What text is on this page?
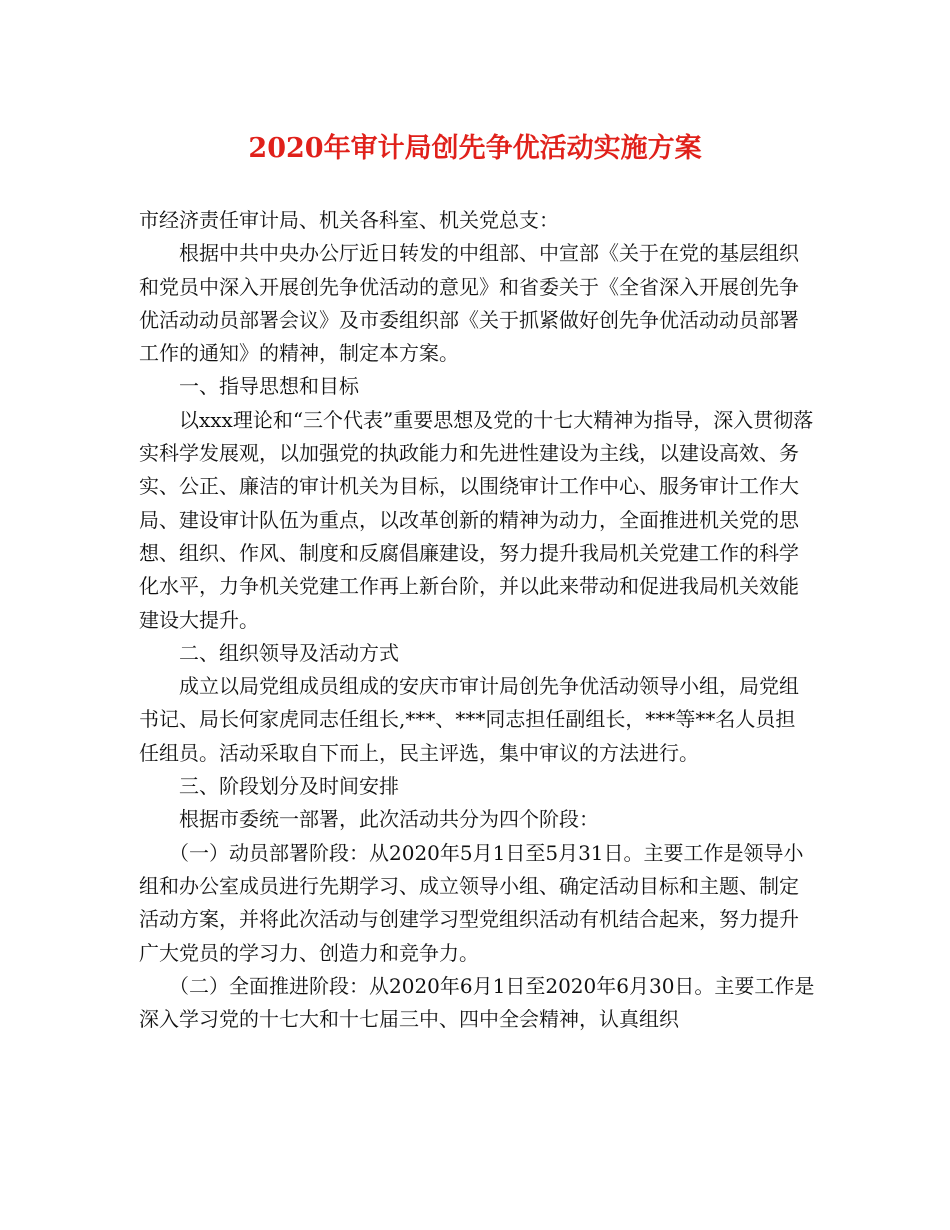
2020年审计局创先争优活动实施方案

市经济责任审计局、机关各科室、机关党总支：

根据中共中央办公厅近日转发的中组部、中宣部《关于在党的基层组织和党员中深入开展创先争优活动的意见》和省委关于《全省深入开展创先争优活动动员部署会议》及市委组织部《关于抓紧做好创先争优活动动员部署工作的通知》的精神，制定本方案。

一、指导思想和目标

以xxx理论和“三个代表”重要思想及党的十七大精神为指导，深入贯彻落实科学发展观，以加强党的执政能力和先进性建设为主线，以建设高效、务实、公正、廉洁的审计机关为目标，以围绕审计工作中心、服务审计工作大局、建设审计队伍为重点，以改革创新的精神为动力，全面推进机关党的思想、组织、作风、制度和反腐倡廉建设，努力提升我局机关党建工作的科学化水平，力争机关党建工作再上新台阶，并以此来带动和促进我局机关效能建设大提升。

二、组织领导及活动方式

成立以局党组成员组成的安庆市审计局创先争优活动领导小组，局党组书记、局长何家虎同志任组长,***、***同志担任副组长，***等**名人员担任组员。活动采取自下而上，民主评选，集中审议的方法进行。

三、阶段划分及时间安排

根据市委统一部署，此次活动共分为四个阶段：

（一）动员部署阶段：从2020年5月1日至5月31日。主要工作是领导小组和办公室成员进行先期学习、成立领导小组、确定活动目标和主题、制定活动方案，并将此次活动与创建学习型党组织活动有机结合起来，努力提升广大党员的学习力、创造力和竞争力。

（二）全面推进阶段：从2020年6月1日至2020年6月30日。主要工作是深入学习党的十七大和十七届三中、四中全会精神，认真组织
